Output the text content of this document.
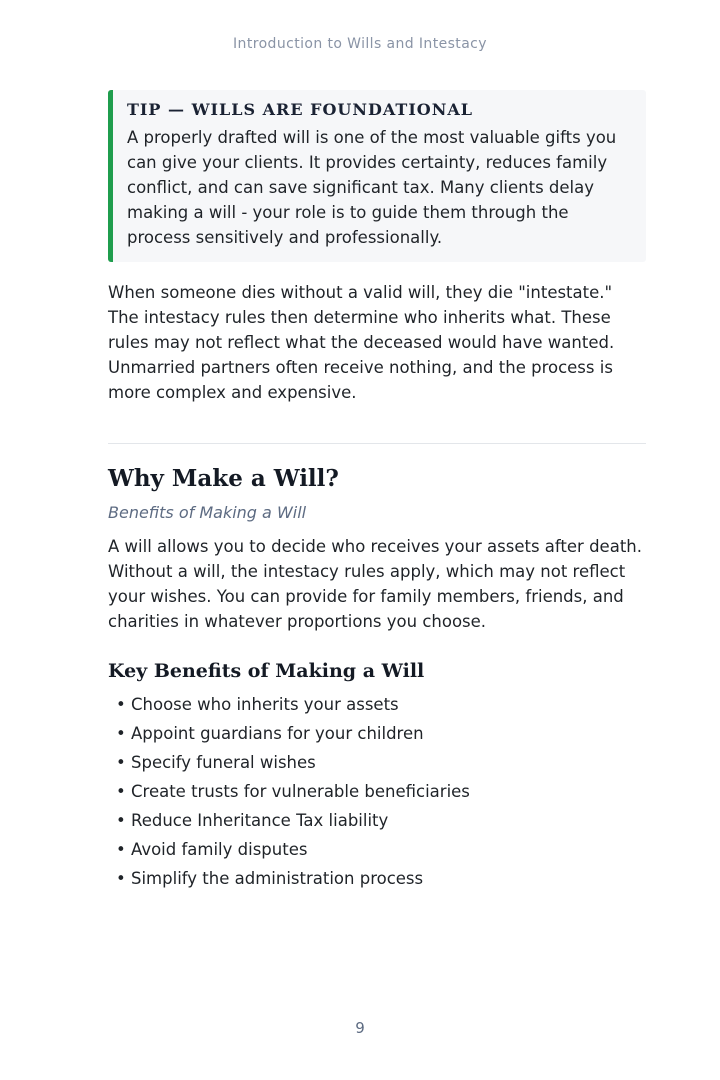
Introduction to Wills and Intestacy

TIP — WILLS ARE FOUNDATIONAL

A properly drafted will is one of the most valuable gifts you can give your clients. It provides certainty, reduces family conflict, and can save significant tax. Many clients delay making a will - your role is to guide them through the process sensitively and professionally.

When someone dies without a valid will, they die "intestate." The intestacy rules then determine who inherits what. These rules may not reflect what the deceased would have wanted. Unmarried partners often receive nothing, and the process is more complex and expensive.

Why Make a Will?

Benefits of Making a Will

A will allows you to decide who receives your assets after death. Without a will, the intestacy rules apply, which may not reflect your wishes. You can provide for family members, friends, and charities in whatever proportions you choose.

Key Benefits of Making a Will
• Choose who inherits your assets
• Appoint guardians for your children
• Specify funeral wishes
• Create trusts for vulnerable beneficiaries
• Reduce Inheritance Tax liability
• Avoid family disputes
• Simplify the administration process
9
